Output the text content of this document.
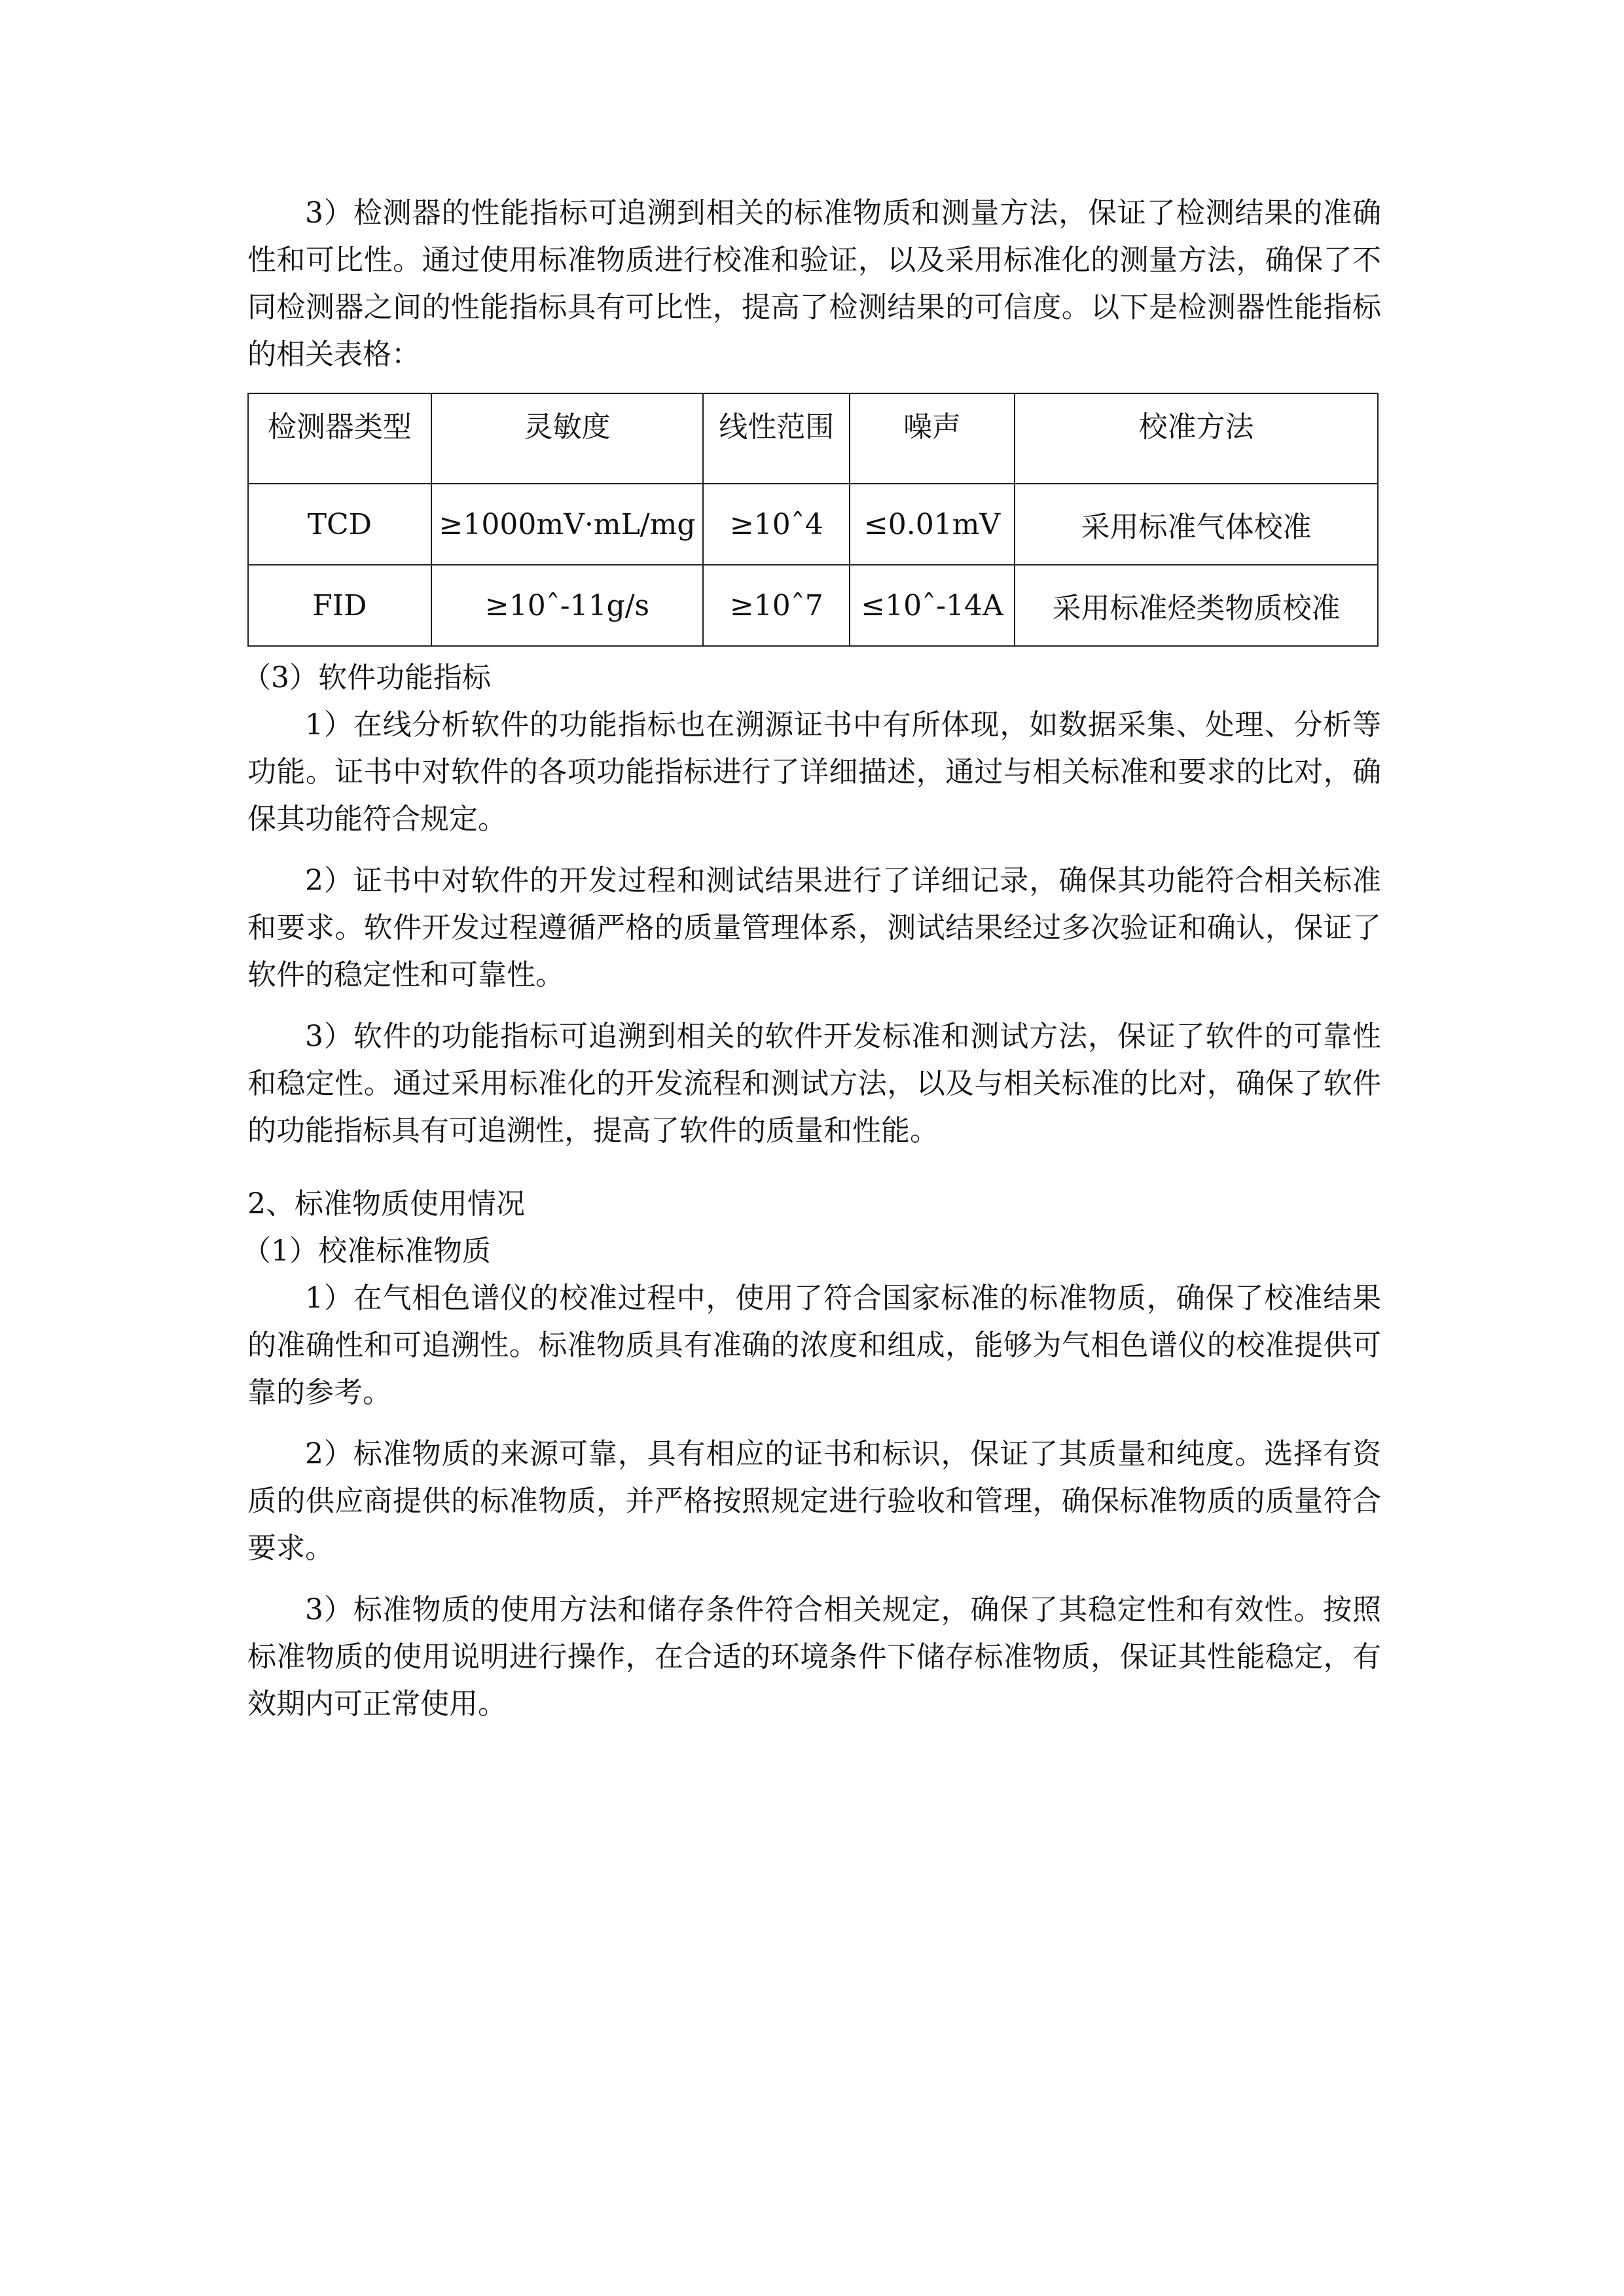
3）检测器的性能指标可追溯到相关的标准物质和测量方法，保证了检测结果的准确性和可比性。通过使用标准物质进行校准和验证，以及采用标准化的测量方法，确保了不同检测器之间的性能指标具有可比性，提高了检测结果的可信度。以下是检测器性能指标的相关表格：

检测器类型	灵敏度	线性范围	噪声	校准方法
TCD	≥1000mV·mL/mg	≥10ˆ4	≤0.01mV	采用标准气体校准
FID	≥10ˆ-11g/s	≥10ˆ7	≤10ˆ-14A	采用标准烃类物质校准

（3）软件功能指标

1）在线分析软件的功能指标也在溯源证书中有所体现，如数据采集、处理、分析等功能。证书中对软件的各项功能指标进行了详细描述，通过与相关标准和要求的比对，确保其功能符合规定。

2）证书中对软件的开发过程和测试结果进行了详细记录，确保其功能符合相关标准和要求。软件开发过程遵循严格的质量管理体系，测试结果经过多次验证和确认，保证了软件的稳定性和可靠性。

3）软件的功能指标可追溯到相关的软件开发标准和测试方法，保证了软件的可靠性和稳定性。通过采用标准化的开发流程和测试方法，以及与相关标准的比对，确保了软件的功能指标具有可追溯性，提高了软件的质量和性能。

2、标准物质使用情况

（1）校准标准物质

1）在气相色谱仪的校准过程中，使用了符合国家标准的标准物质，确保了校准结果的准确性和可追溯性。标准物质具有准确的浓度和组成，能够为气相色谱仪的校准提供可靠的参考。

2）标准物质的来源可靠，具有相应的证书和标识，保证了其质量和纯度。选择有资质的供应商提供的标准物质，并严格按照规定进行验收和管理，确保标准物质的质量符合要求。

3）标准物质的使用方法和储存条件符合相关规定，确保了其稳定性和有效性。按照标准物质的使用说明进行操作，在合适的环境条件下储存标准物质，保证其性能稳定，有效期内可正常使用。
